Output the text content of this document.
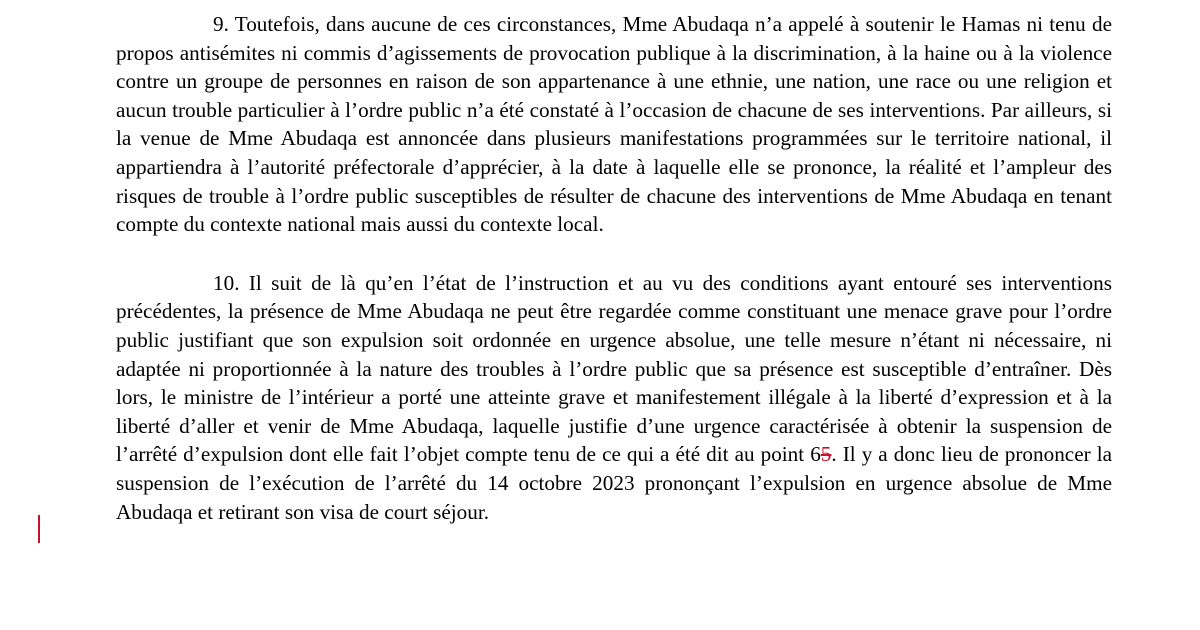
9. Toutefois, dans aucune de ces circonstances, Mme Abudaqa n’a appelé à soutenir le Hamas ni tenu de propos antisémites ni commis d’agissements de provocation publique à la discrimination, à la haine ou à la violence contre un groupe de personnes en raison de son appartenance à une ethnie, une nation, une race ou une religion et aucun trouble particulier à l’ordre public n’a été constaté à l’occasion de chacune de ses interventions. Par ailleurs, si la venue de Mme Abudaqa est annoncée dans plusieurs manifestations programmées sur le territoire national, il appartiendra à l’autorité préfectorale d’apprécier, à la date à laquelle elle se prononce, la réalité et l’ampleur des risques de trouble à l’ordre public susceptibles de résulter de chacune des interventions de Mme Abudaqa en tenant compte du contexte national mais aussi du contexte local.

10. Il suit de là qu’en l’état de l’instruction et au vu des conditions ayant entouré ses interventions précédentes, la présence de Mme Abudaqa ne peut être regardée comme constituant une menace grave pour l’ordre public justifiant que son expulsion soit ordonnée en urgence absolue, une telle mesure n’étant ni nécessaire, ni adaptée ni proportionnée à la nature des troubles à l’ordre public que sa présence est susceptible d’entraîner. Dès lors, le ministre de l’intérieur a porté une atteinte grave et manifestement illégale à la liberté d’expression et à la liberté d’aller et venir de Mme Abudaqa, laquelle justifie d’une urgence caractérisée à obtenir la suspension de l’arrêté d’expulsion dont elle fait l’objet compte tenu de ce qui a été dit au point 65. Il y a donc lieu de prononcer la suspension de l’exécution de l’arrêté du 14 octobre 2023 prononçant l’expulsion en urgence absolue de Mme Abudaqa et retirant son visa de court séjour.
